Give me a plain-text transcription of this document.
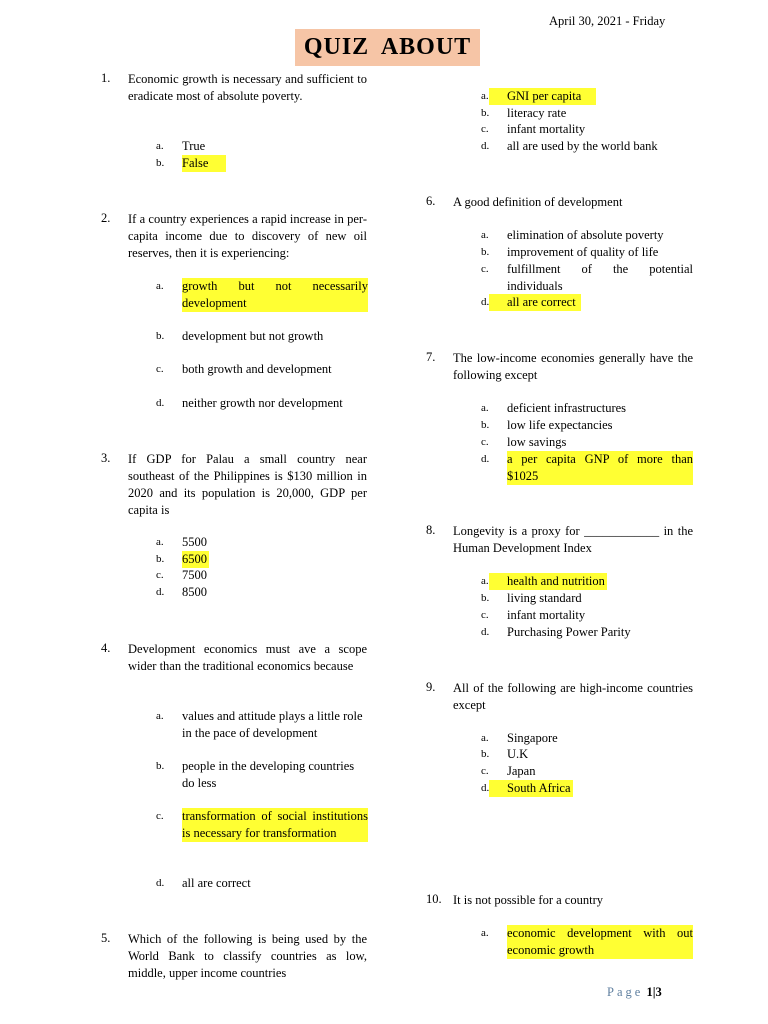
April 30, 2021 - Friday
QUIZ ABOUT
1. Economic growth is necessary and sufficient to eradicate most of absolute poverty.
a. True
b. False
2. If a country experiences a rapid increase in per-capita income due to discovery of new oil reserves, then it is experiencing:
a. growth but not necessarily development
b. development but not growth
c. both growth and development
d. neither growth nor development
3. If GDP for Palau a small country near southeast of the Philippines is $130 million in 2020 and its population is 20,000, GDP per capita is
a. 5500
b. 6500
c. 7500
d. 8500
4. Development economics must ave a scope wider than the traditional economics because
a. values and attitude plays a little role in the pace of development
b. people in the developing countries do less
c. transformation of social institutions is necessary for transformation
d. all are correct
5. Which of the following is being used by the World Bank to classify countries as low, middle, upper income countries
a.	GNI per capita
b. literacy rate
c. infant mortality
d. all are used by the world bank
6. A good definition of development
a. elimination of absolute poverty
b. improvement of quality of life
c. fulfillment of the potential individuals
d.	all are correct
7. The low-income economies generally have the following except
a. deficient infrastructures
b. low life expectancies
c. low savings
d. a per capita GNP of more than $1025
8. Longevity is a proxy for ____________ in the Human Development Index
a.	health and nutrition
b. living standard
c. infant mortality
d. Purchasing Power Parity
9. All of the following are high-income countries except
a. Singapore
b. U.K
c. Japan
d.	South Africa
10. It is not possible for a country
a. economic development with out economic growth
Page 1|3
